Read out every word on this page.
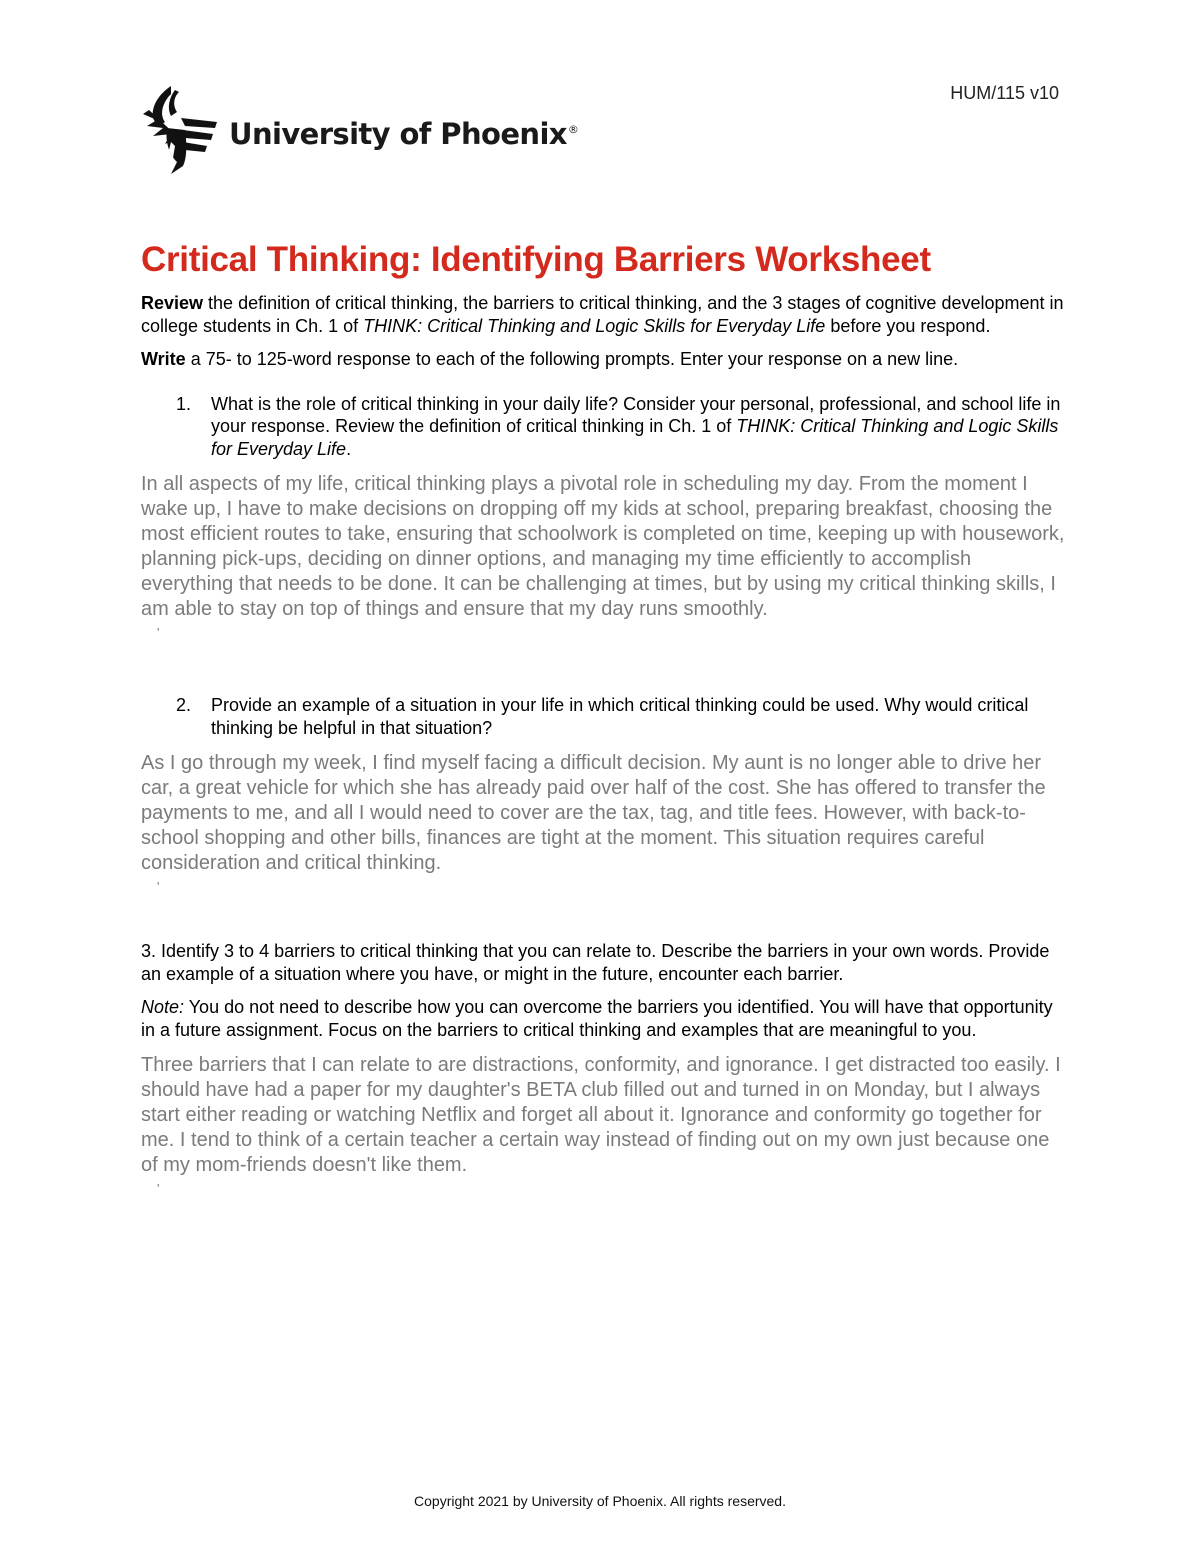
HUM/115 v10
University of Phoenix®
Critical Thinking: Identifying Barriers Worksheet

Review the definition of critical thinking, the barriers to critical thinking, and the 3 stages of cognitive development in college students in Ch. 1 of THINK: Critical Thinking and Logic Skills for Everyday Life before you respond.

Write a 75- to 125-word response to each of the following prompts. Enter your response on a new line.

1.	What is the role of critical thinking in your daily life? Consider your personal, professional, and school life in your response. Review the definition of critical thinking in Ch. 1 of THINK: Critical Thinking and Logic Skills for Everyday Life.

In all aspects of my life, critical thinking plays a pivotal role in scheduling my day. From the moment I wake up, I have to make decisions on dropping off my kids at school, preparing breakfast, choosing the most efficient routes to take, ensuring that schoolwork is completed on time, keeping up with housework, planning pick-ups, deciding on dinner options, and managing my time efficiently to accomplish everything that needs to be done. It can be challenging at times, but by using my critical thinking skills, I am able to stay on top of things and ensure that my day runs smoothly.

'
2.	Provide an example of a situation in your life in which critical thinking could be used. Why would critical thinking be helpful in that situation?

As I go through my week, I find myself facing a difficult decision. My aunt is no longer able to drive her car, a great vehicle for which she has already paid over half of the cost. She has offered to transfer the payments to me, and all I would need to cover are the tax, tag, and title fees. However, with back-to-school shopping and other bills, finances are tight at the moment. This situation requires careful consideration and critical thinking.

'

3. Identify 3 to 4 barriers to critical thinking that you can relate to. Describe the barriers in your own words. Provide an example of a situation where you have, or might in the future, encounter each barrier.

Note: You do not need to describe how you can overcome the barriers you identified. You will have that opportunity in a future assignment. Focus on the barriers to critical thinking and examples that are meaningful to you.

Three barriers that I can relate to are distractions, conformity, and ignorance. I get distracted too easily. I should have had a paper for my daughter's BETA club filled out and turned in on Monday, but I always start either reading or watching Netflix and forget all about it. Ignorance and conformity go together for me. I tend to think of a certain teacher a certain way instead of finding out on my own just because one of my mom-friends doesn't like them.

'
Copyright 2021 by University of Phoenix. All rights reserved.
